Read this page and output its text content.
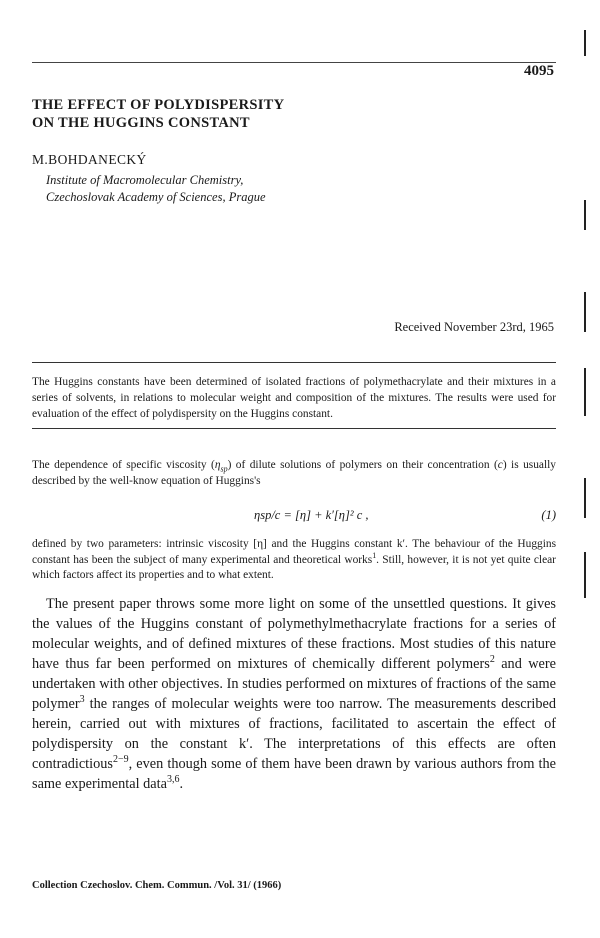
4095
THE EFFECT OF POLYDISPERSITY
ON THE HUGGINS CONSTANT
M.BOHDANECKÝ
Institute of Macromolecular Chemistry,
Czechoslovak Academy of Sciences, Prague
Received November 23rd, 1965
The Huggins constants have been determined of isolated fractions of polymethacrylate and their mixtures in a series of solvents, in relations to molecular weight and composition of the mixtures. The results were used for evaluation of the effect of polydispersity on the Huggins constant.
The dependence of specific viscosity $(\eta_{sp})$ of dilute solutions of polymers on their concentration (c) is usually described by the well-know equation of Huggins's
ηsp/c = [η] + k′[η]² c ,	(1)
defined by two parameters: intrinsic viscosity [η] and the Huggins constant k′. The behaviour of the Huggins constant has been the subject of many experimental and theoretical works$^1$. Still, however, it is not yet quite clear which factors affect its properties and to what extent.

The present paper throws some more light on some of the unsettled questions. It gives the values of the Huggins constant of polymethylmethacrylate fractions for a series of molecular weights, and of defined mixtures of these fractions. Most studies of this nature have thus far been performed on mixtures of chemically different polymers$^2$ and were undertaken with other objectives. In studies performed on mixtures of fractions of the same polymer$^3$ the ranges of molecular weights were too narrow. The measurements described herein, carried out with mixtures of fractions, facilitated to ascertain the effect of polydispersity on the constant k′. The interpretations of this effects are often contradictious$^{2-9}$, even though some of them have been drawn by various authors from the same experimental data$^{3,6}$.

Collection Czechoslov. Chem. Commun. /Vol. 31/ (1966)
